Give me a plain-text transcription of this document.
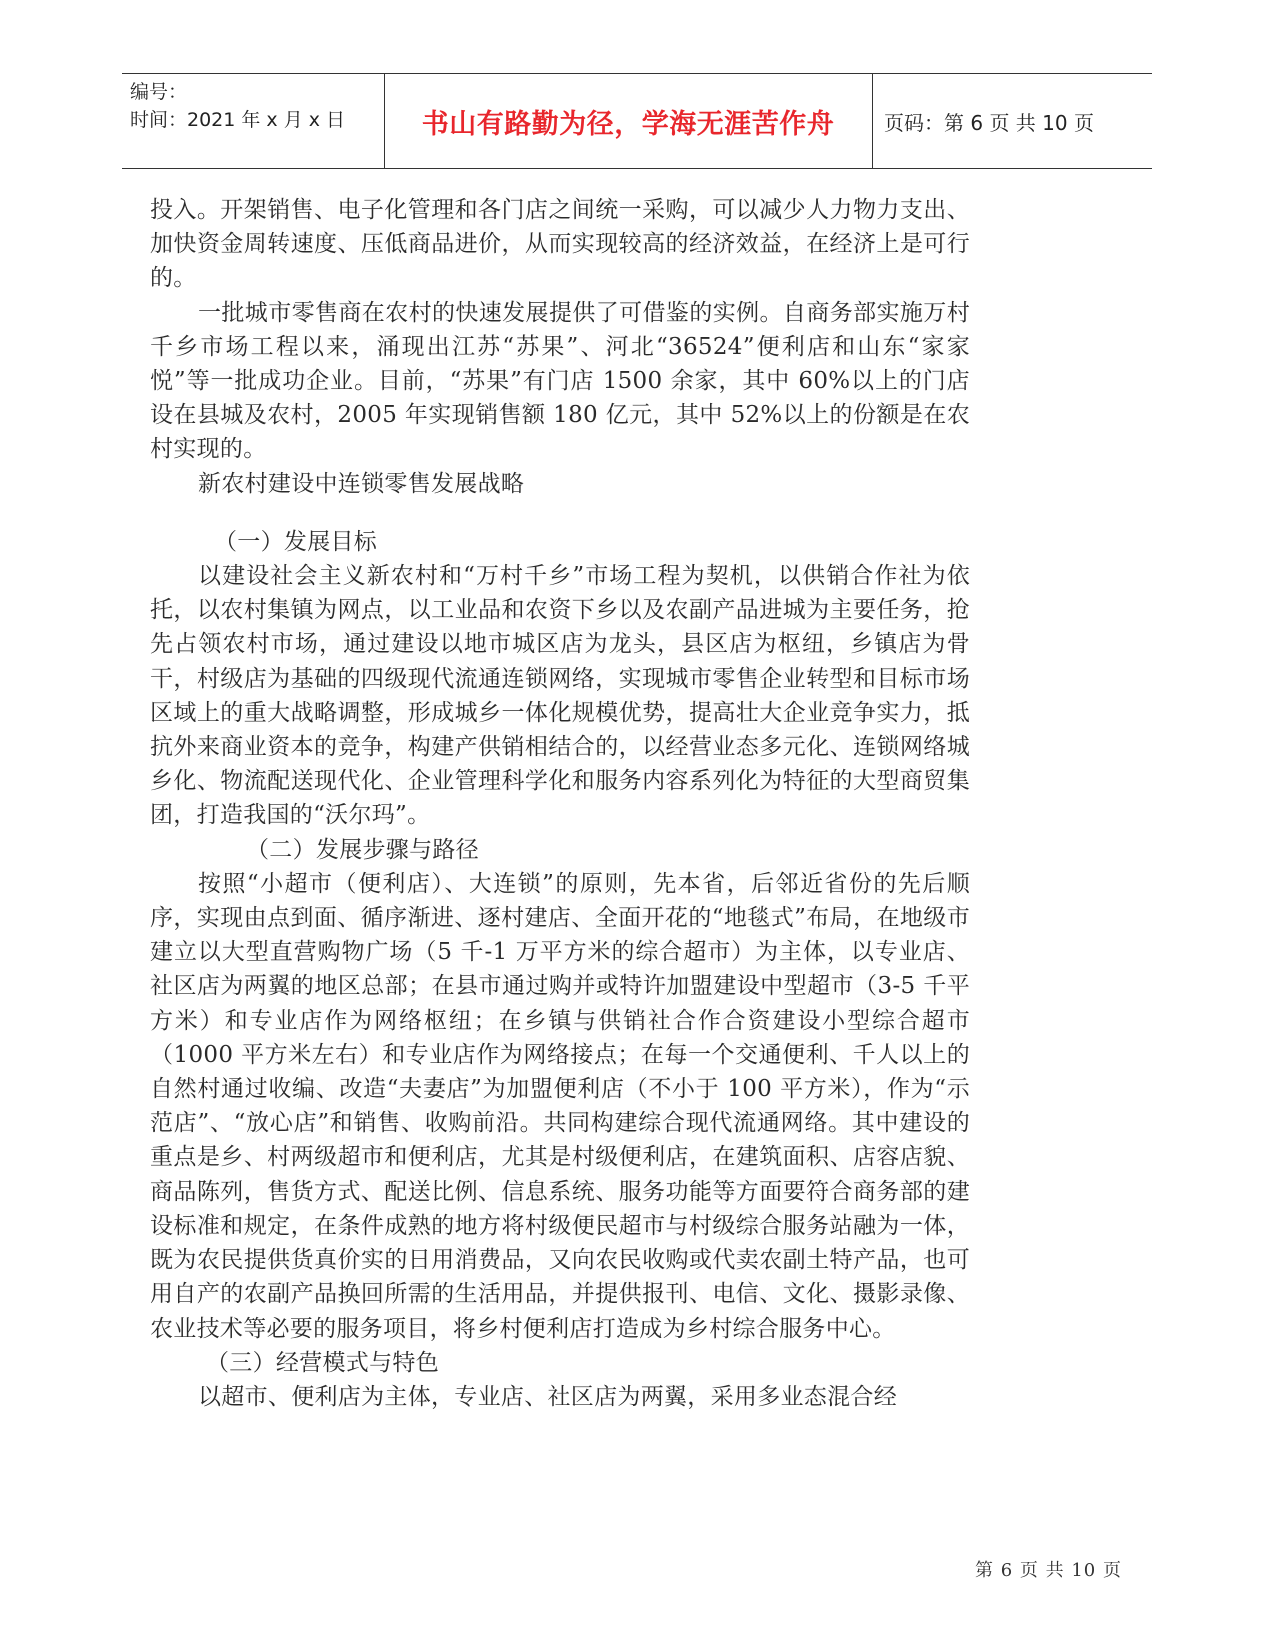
编号：
时间：2021 年 x 月 x 日	书山有路勤为径，学海无涯苦作舟	页码：第 6 页 共 10 页

投入。开架销售、电子化管理和各门店之间统一采购，可以减少人力物力支出、加快资金周转速度、压低商品进价，从而实现较高的经济效益，在经济上是可行的。

一批城市零售商在农村的快速发展提供了可借鉴的实例。自商务部实施万村千乡市场工程以来，涌现出江苏“苏果”、河北“36524”便利店和山东“家家悦”等一批成功企业。目前，“苏果”有门店 1500 余家，其中 60%以上的门店设在县城及农村，2005 年实现销售额 180 亿元，其中 52%以上的份额是在农村实现的。

新农村建设中连锁零售发展战略

（一）发展目标

以建设社会主义新农村和“万村千乡”市场工程为契机，以供销合作社为依托，以农村集镇为网点，以工业品和农资下乡以及农副产品进城为主要任务，抢先占领农村市场，通过建设以地市城区店为龙头，县区店为枢纽，乡镇店为骨干，村级店为基础的四级现代流通连锁网络，实现城市零售企业转型和目标市场区域上的重大战略调整，形成城乡一体化规模优势，提高壮大企业竞争实力，抵抗外来商业资本的竞争，构建产供销相结合的，以经营业态多元化、连锁网络城乡化、物流配送现代化、企业管理科学化和服务内容系列化为特征的大型商贸集团，打造我国的“沃尔玛”。

（二）发展步骤与路径

按照“小超市（便利店）、大连锁”的原则，先本省，后邻近省份的先后顺序，实现由点到面、循序渐进、逐村建店、全面开花的“地毯式”布局，在地级市建立以大型直营购物广场（5 千-1 万平方米的综合超市）为主体，以专业店、社区店为两翼的地区总部；在县市通过购并或特许加盟建设中型超市（3-5 千平方米）和专业店作为网络枢纽；在乡镇与供销社合作合资建设小型综合超市（1000 平方米左右）和专业店作为网络接点；在每一个交通便利、千人以上的自然村通过收编、改造“夫妻店”为加盟便利店（不小于 100 平方米），作为“示范店”、“放心店”和销售、收购前沿。共同构建综合现代流通网络。其中建设的重点是乡、村两级超市和便利店，尤其是村级便利店，在建筑面积、店容店貌、商品陈列，售货方式、配送比例、信息系统、服务功能等方面要符合商务部的建设标准和规定，在条件成熟的地方将村级便民超市与村级综合服务站融为一体，既为农民提供货真价实的日用消费品，又向农民收购或代卖农副土特产品，也可用自产的农副产品换回所需的生活用品，并提供报刊、电信、文化、摄影录像、农业技术等必要的服务项目，将乡村便利店打造成为乡村综合服务中心。

（三）经营模式与特色

以超市、便利店为主体，专业店、社区店为两翼，采用多业态混合经

第 6 页 共 10 页
